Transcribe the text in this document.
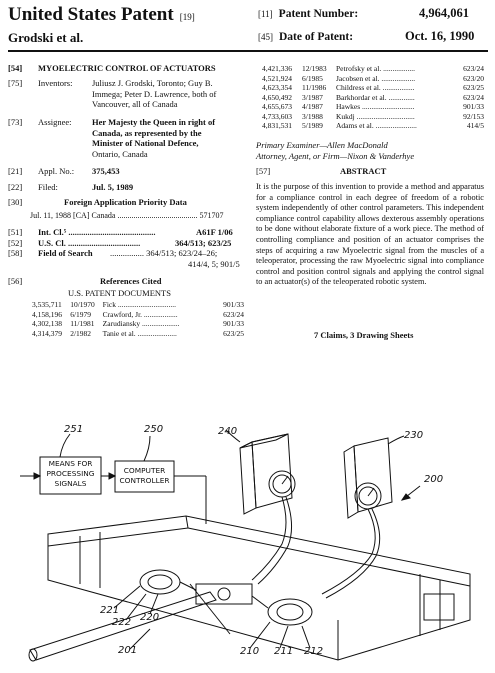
United States Patent [19]
Grodski et al.
[11] Patent Number:	4,964,061
[45] Date of Patent:	Oct. 16, 1990
[54] MYOELECTRIC CONTROL OF ACTUATORS
[75] Inventors: Juliusz J. Grodski, Toronto; Guy B.
Immega; Peter D. Lawrence, both of
Vancouver, all of Canada
[73] Assignee: Her Majesty the Queen in right of
Canada, as represented by the
Minister of National Defence,
Ontario, Canada
[21] Appl. No.: 375,453
[22] Filed:	Jul. 5, 1989
[30]	Foreign Application Priority Data
Jul. 11, 1988 [CA] Canada ........................................ 571707
[51] Int. Cl.⁵ .........................................	A61F 1/06
[52] U.S. Cl. ..................................	364/513; 623/25
[58] Field of Search ................ 364/513; 623/24–26;
414/4, 5; 901/5
[56]	References Cited
U.S. PATENT DOCUMENTS
3,535,711	10/1970	Fick ...............................	901/33
4,158,196	6/1979	Crawford, Jr. ..................	623/24
4,302,138	11/1981	Zarudiansky ....................	901/33
4,314,379	2/1982	Tanie et al. .....................	623/25
4,421,336	12/1983	Petrofsky et al. .................	623/24
4,521,924	6/1985	Jacobsen et al. ..................	623/20
4,623,354	11/1986	Childress et al. .................	623/25
4,650,492	3/1987	Barkhordar et al. ..............	623/24
4,655,673	4/1987	Hawkes ............................	901/33
4,733,603	3/1988	Kukdj ...............................	92/153
4,831,531	5/1989	Adams et al. ......................	414/5
Primary Examiner—Allen MacDonald
Attorney, Agent, or Firm—Nixon & Vanderhye
[57]	ABSTRACT
It is the purpose of this invention to provide a method and apparatus for a compliance control in each degree of freedom of a robotic system independently of other control parameters. This independent compliance control capability allows dexterous assembly operations to be done without elaborate fixture of a work piece. The method of controlling compliance and position of an actuator comprises the steps of acquiring a raw Myoelectric signal from the muscles of a teleoperator, processing the raw Myoelectric signal into compliance control and position control signals and applying the control signal to an actuator(s) of the teleoperated robotic system.
7 Claims, 3 Drawing Sheets
MEANS FOR
PROCESSING
SIGNALS
COMPUTER
CONTROLLER
251	250	240	230
200
221
222 220
201	210 211 212
